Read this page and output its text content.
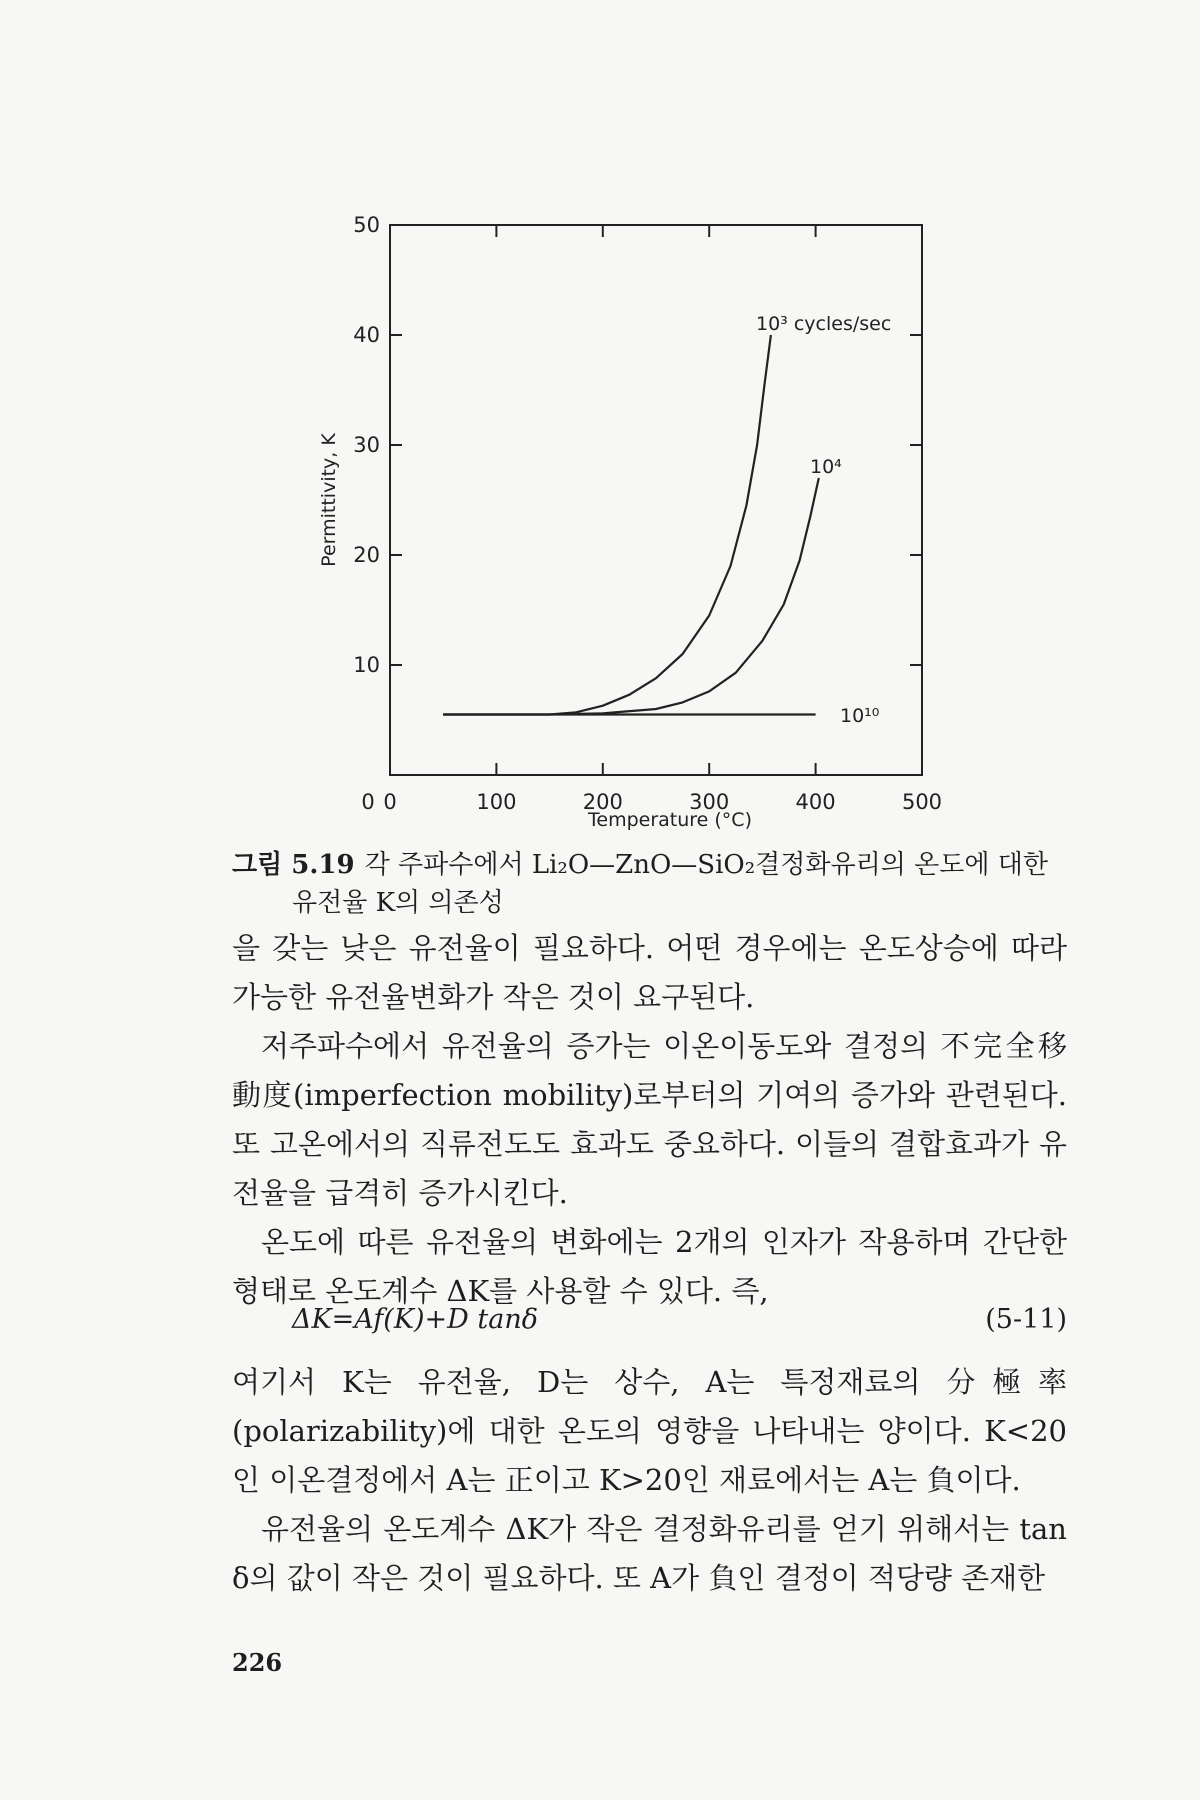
0	100	200	300	400	500
10
20
30
40
50
0
Permittivity, K
Temperature (°C)
10³ cycles/sec
10⁴
10¹⁰
그림 5.19 각 주파수에서 Li₂O—ZnO—SiO₂결정화유리의 온도에 대한
유전율 K의 의존성

을 갖는 낮은 유전율이 필요하다. 어떤 경우에는 온도상승에 따라 가능한 유전율변화가 작은 것이 요구된다.

저주파수에서 유전율의 증가는 이온이동도와 결정의 不完全移動度(imperfection mobility)로부터의 기여의 증가와 관련된다. 또 고온에서의 직류전도도 효과도 중요하다. 이들의 결합효과가 유전율을 급격히 증가시킨다.

온도에 따른 유전율의 변화에는 2개의 인자가 작용하며 간단한 형태로 온도계수 ΔK를 사용할 수 있다. 즉,

ΔK=Af(K)+D tanδ	(5-11)

여기서 K는 유전율, D는 상수, A는 특정재료의 分極率(polarizability)에 대한 온도의 영향을 나타내는 양이다. K<20인 이온결정에서 A는 正이고 K>20인 재료에서는 A는 負이다.

유전율의 온도계수 ΔK가 작은 결정화유리를 얻기 위해서는 tan δ의 값이 작은 것이 필요하다. 또 A가 負인 결정이 적당량 존재한

226
